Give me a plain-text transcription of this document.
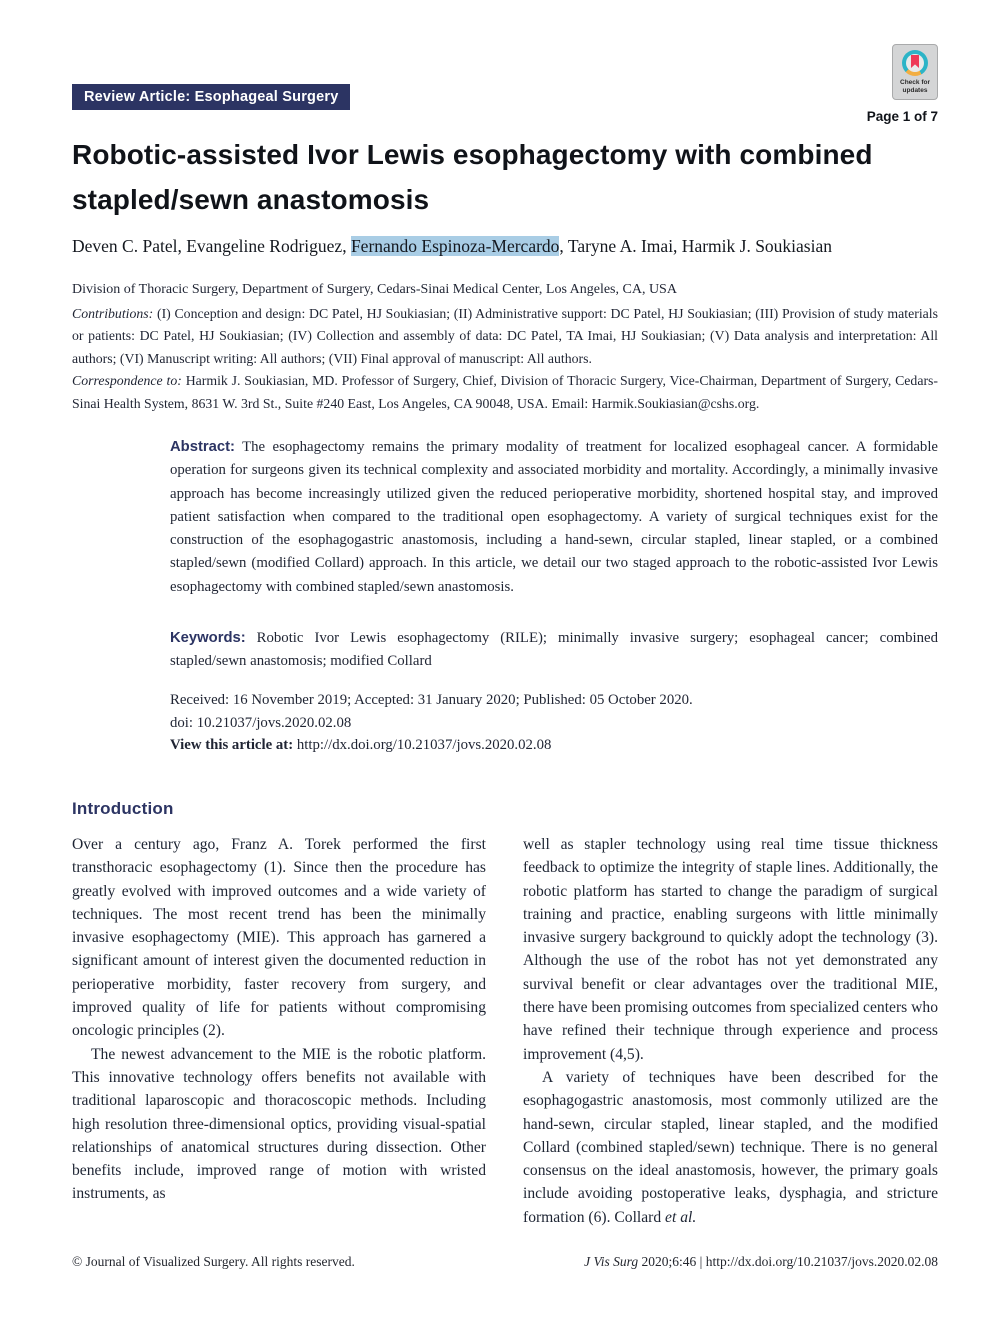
Review Article: Esophageal Surgery
Check for
updates
Page 1 of 7
Robotic-assisted Ivor Lewis esophagectomy with combined stapled/sewn anastomosis
Deven C. Patel, Evangeline Rodriguez, Fernando Espinoza-Mercardo, Taryne A. Imai, Harmik J. Soukiasian
Division of Thoracic Surgery, Department of Surgery, Cedars-Sinai Medical Center, Los Angeles, CA, USA
Contributions: (I) Conception and design: DC Patel, HJ Soukiasian; (II) Administrative support: DC Patel, HJ Soukiasian; (III) Provision of study materials or patients: DC Patel, HJ Soukiasian; (IV) Collection and assembly of data: DC Patel, TA Imai, HJ Soukiasian; (V) Data analysis and interpretation: All authors; (VI) Manuscript writing: All authors; (VII) Final approval of manuscript: All authors.
Correspondence to: Harmik J. Soukiasian, MD. Professor of Surgery, Chief, Division of Thoracic Surgery, Vice-Chairman, Department of Surgery, Cedars-Sinai Health System, 8631 W. 3rd St., Suite #240 East, Los Angeles, CA 90048, USA. Email: Harmik.Soukiasian@cshs.org.
Abstract: The esophagectomy remains the primary modality of treatment for localized esophageal cancer. A formidable operation for surgeons given its technical complexity and associated morbidity and mortality. Accordingly, a minimally invasive approach has become increasingly utilized given the reduced perioperative morbidity, shortened hospital stay, and improved patient satisfaction when compared to the traditional open esophagectomy. A variety of surgical techniques exist for the construction of the esophagogastric anastomosis, including a hand-sewn, circular stapled, linear stapled, or a combined stapled/sewn (modified Collard) approach. In this article, we detail our two staged approach to the robotic-assisted Ivor Lewis esophagectomy with combined stapled/sewn anastomosis.
Keywords: Robotic Ivor Lewis esophagectomy (RILE); minimally invasive surgery; esophageal cancer; combined stapled/sewn anastomosis; modified Collard
Received: 16 November 2019; Accepted: 31 January 2020; Published: 05 October 2020.
doi: 10.21037/jovs.2020.02.08
View this article at: http://dx.doi.org/10.21037/jovs.2020.02.08
Introduction

Over a century ago, Franz A. Torek performed the first transthoracic esophagectomy (1). Since then the procedure has greatly evolved with improved outcomes and a wide variety of techniques. The most recent trend has been the minimally invasive esophagectomy (MIE). This approach has garnered a significant amount of interest given the documented reduction in perioperative morbidity, faster recovery from surgery, and improved quality of life for patients without compromising oncologic principles (2).

The newest advancement to the MIE is the robotic platform. This innovative technology offers benefits not available with traditional laparoscopic and thoracoscopic methods. Including high resolution three-dimensional optics, providing visual-spatial relationships of anatomical structures during dissection. Other benefits include, improved range of motion with wristed instruments, as

well as stapler technology using real time tissue thickness feedback to optimize the integrity of staple lines. Additionally, the robotic platform has started to change the paradigm of surgical training and practice, enabling surgeons with little minimally invasive surgery background to quickly adopt the technology (3). Although the use of the robot has not yet demonstrated any survival benefit or clear advantages over the traditional MIE, there have been promising outcomes from specialized centers who have refined their technique through experience and process improvement (4,5).

A variety of techniques have been described for the esophagogastric anastomosis, most commonly utilized are the hand-sewn, circular stapled, linear stapled, and the modified Collard (combined stapled/sewn) technique. There is no general consensus on the ideal anastomosis, however, the primary goals include avoiding postoperative leaks, dysphagia, and stricture formation (6). Collard et al.

© Journal of Visualized Surgery. All rights reserved.	J Vis Surg 2020;6:46 | http://dx.doi.org/10.21037/jovs.2020.02.08
